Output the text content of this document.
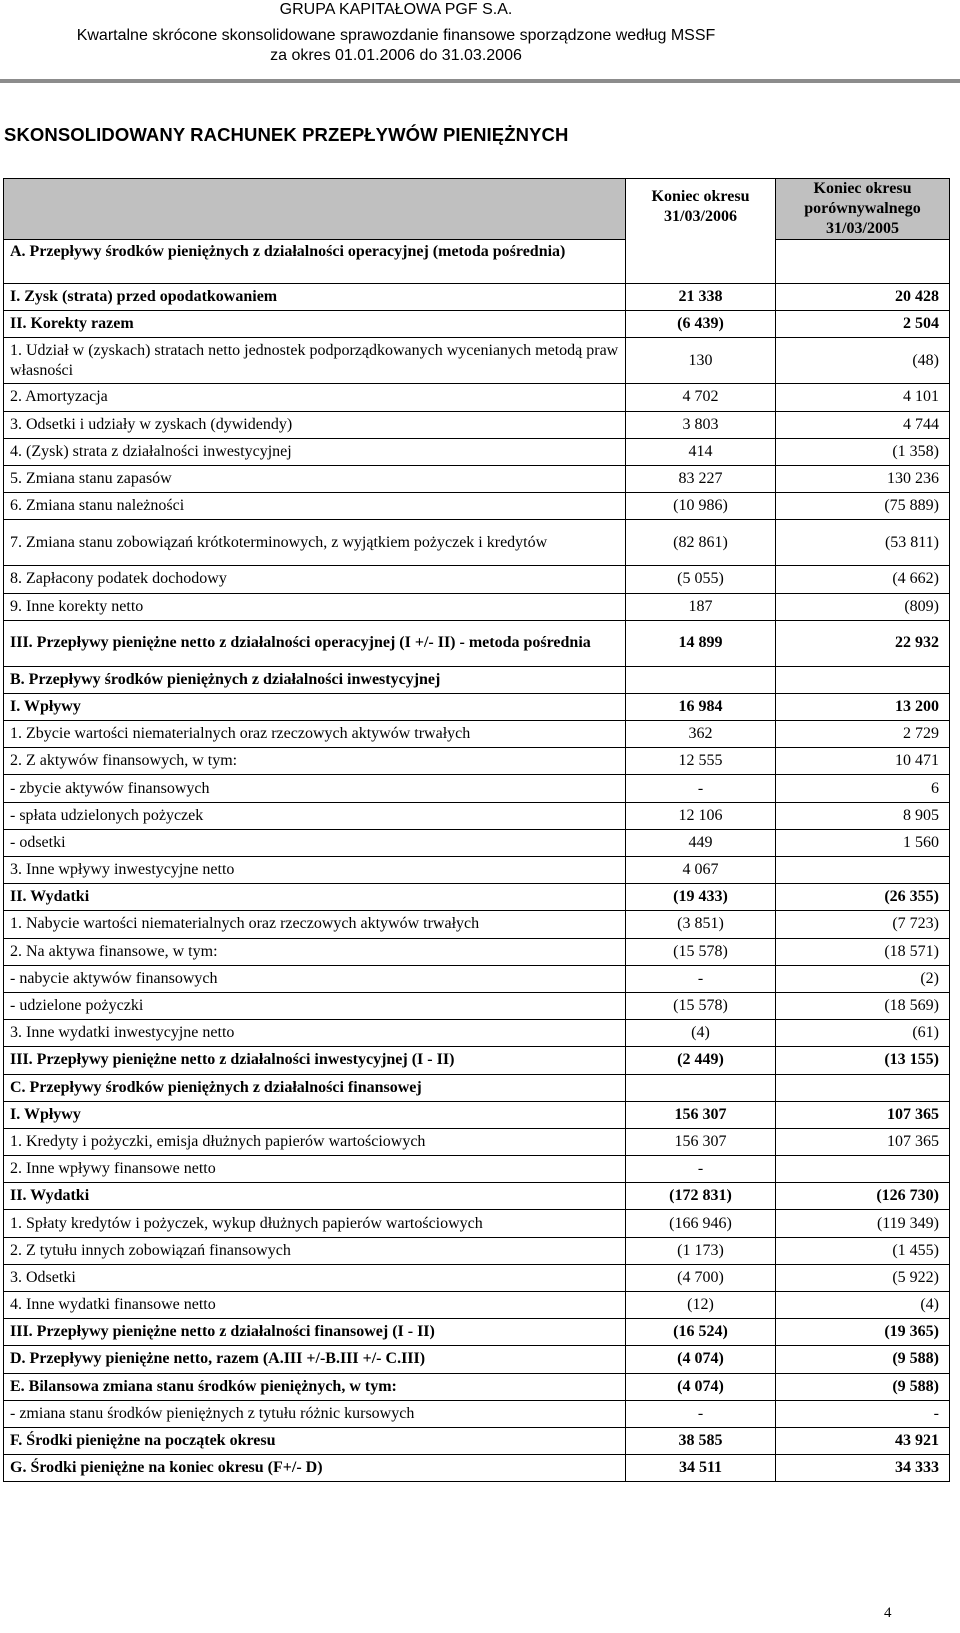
GRUPA KAPITAŁOWA PGF S.A.
Kwartalne skrócone skonsolidowane sprawozdanie finansowe sporządzone według MSSF
za okres 01.01.2006 do 31.03.2006
SKONSOLIDOWANY RACHUNEK PRZEPŁYWÓW PIENIĘŻNYCH
	Koniec okresu
31/03/2006	Koniec okresu
porównywalnego
31/03/2005
A. Przepływy środków pieniężnych z działalności operacyjnej (metoda pośrednia)		
I. Zysk (strata) przed opodatkowaniem	21 338	20 428
II. Korekty razem	(6 439)	2 504
1. Udział w (zyskach) stratach netto jednostek podporządkowanych wycenianych metodą praw własności	130	(48)
2. Amortyzacja	4 702	4 101
3. Odsetki i udziały w zyskach (dywidendy)	3 803	4 744
4. (Zysk) strata z działalności inwestycyjnej	414	(1 358)
5. Zmiana stanu zapasów	83 227	130 236
6. Zmiana stanu należności	(10 986)	(75 889)
7. Zmiana stanu zobowiązań krótkoterminowych, z wyjątkiem pożyczek i kredytów	(82 861)	(53 811)
8. Zapłacony podatek dochodowy	(5 055)	(4 662)
9. Inne korekty netto	187	(809)
III. Przepływy pieniężne netto z działalności operacyjnej (I +/- II) - metoda pośrednia	14 899	22 932
B. Przepływy środków pieniężnych z działalności inwestycyjnej		
I. Wpływy	16 984	13 200
1. Zbycie wartości niematerialnych oraz rzeczowych aktywów trwałych	362	2 729
2. Z aktywów finansowych, w tym:	12 555	10 471
- zbycie aktywów finansowych	-	6
- spłata udzielonych pożyczek	12 106	8 905
- odsetki	449	1 560
3. Inne wpływy inwestycyjne netto	4 067	
II. Wydatki	(19 433)	(26 355)
1. Nabycie wartości niematerialnych oraz rzeczowych aktywów trwałych	(3 851)	(7 723)
2. Na aktywa finansowe, w tym:	(15 578)	(18 571)
- nabycie aktywów finansowych	-	(2)
- udzielone pożyczki	(15 578)	(18 569)
3. Inne wydatki inwestycyjne netto	(4)	(61)
III. Przepływy pieniężne netto z działalności inwestycyjnej (I - II)	(2 449)	(13 155)
C. Przepływy środków pieniężnych z działalności finansowej		
I. Wpływy	156 307	107 365
1. Kredyty i pożyczki, emisja dłużnych papierów wartościowych	156 307	107 365
2. Inne wpływy finansowe netto	-	
II. Wydatki	(172 831)	(126 730)
1. Spłaty kredytów i pożyczek, wykup dłużnych papierów wartościowych	(166 946)	(119 349)
2. Z tytułu innych zobowiązań finansowych	(1 173)	(1 455)
3. Odsetki	(4 700)	(5 922)
4. Inne wydatki finansowe netto	(12)	(4)
III. Przepływy pieniężne netto z działalności finansowej (I - II)	(16 524)	(19 365)
D. Przepływy pieniężne netto, razem (A.III +/-B.III +/- C.III)	(4 074)	(9 588)
E. Bilansowa zmiana stanu środków pieniężnych, w tym:	(4 074)	(9 588)
- zmiana stanu środków pieniężnych z tytułu różnic kursowych	-	-
F. Środki pieniężne na początek okresu	38 585	43 921
G. Środki pieniężne na koniec okresu (F+/- D)	34 511	34 333
4
